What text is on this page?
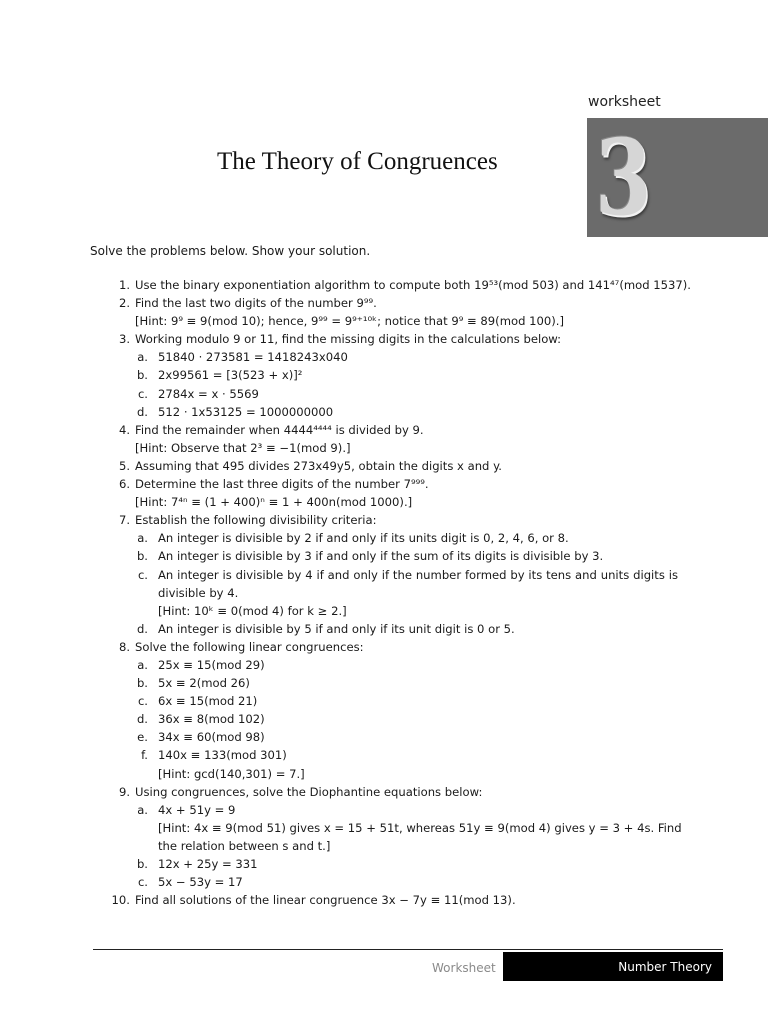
worksheet
3
The Theory of Congruences
Solve the problems below. Show your solution.
1. Use the binary exponentiation algorithm to compute both 19⁵³(mod 503) and 141⁴⁷(mod 1537).
2. Find the last two digits of the number 9⁹⁹.
[Hint: 9⁹ ≡ 9(mod 10); hence, 9⁹⁹ = 9⁹⁺¹⁰ᵏ; notice that 9⁹ ≡ 89(mod 100).]
3. Working modulo 9 or 11, find the missing digits in the calculations below:
a. 51840 · 273581 = 1418243x040
b. 2x99561 = [3(523 + x)]²
c. 2784x = x · 5569
d. 512 · 1x53125 = 1000000000
4. Find the remainder when 4444⁴⁴⁴⁴ is divided by 9.
[Hint: Observe that 2³ ≡ −1(mod 9).]
5. Assuming that 495 divides 273x49y5, obtain the digits x and y.
6. Determine the last three digits of the number 7⁹⁹⁹.
[Hint: 7⁴ⁿ ≡ (1 + 400)ⁿ ≡ 1 + 400n(mod 1000).]
7. Establish the following divisibility criteria:
a. An integer is divisible by 2 if and only if its units digit is 0, 2, 4, 6, or 8.
b. An integer is divisible by 3 if and only if the sum of its digits is divisible by 3.
c. An integer is divisible by 4 if and only if the number formed by its tens and units digits is
divisible by 4.
[Hint: 10ᵏ ≡ 0(mod 4) for k ≥ 2.]
d. An integer is divisible by 5 if and only if its unit digit is 0 or 5.
8. Solve the following linear congruences:
a. 25x ≡ 15(mod 29)
b. 5x ≡ 2(mod 26)
c. 6x ≡ 15(mod 21)
d. 36x ≡ 8(mod 102)
e. 34x ≡ 60(mod 98)
f. 140x ≡ 133(mod 301)
[Hint: gcd(140,301) = 7.]
9. Using congruences, solve the Diophantine equations below:
a. 4x + 51y = 9
[Hint: 4x ≡ 9(mod 51) gives x = 15 + 51t, whereas 51y ≡ 9(mod 4) gives y = 3 + 4s. Find
the relation between s and t.]
b. 12x + 25y = 331
c. 5x − 53y = 17
10. Find all solutions of the linear congruence 3x − 7y ≡ 11(mod 13).
Worksheet	Number Theory
